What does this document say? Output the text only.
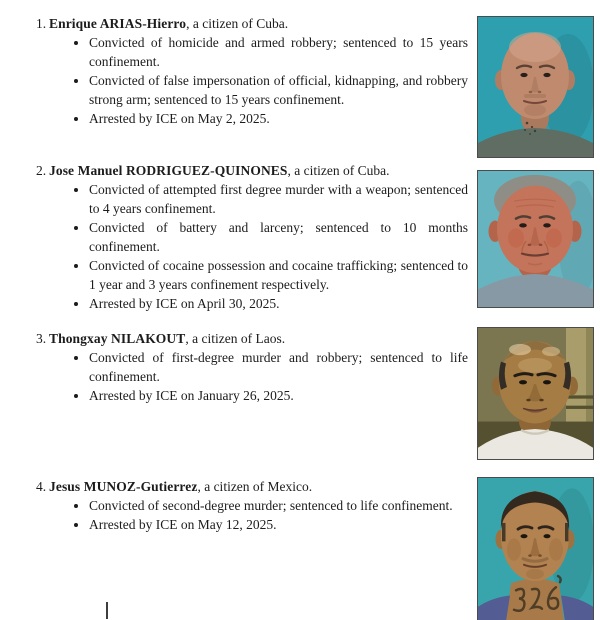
1. Enrique ARIAS-Hierro, a citizen of Cuba.

• Convicted of homicide and armed robbery; sentenced to 15 years confinement.
• Convicted of false impersonation of official, kidnapping, and robbery strong arm; sentenced to 15 years confinement.
• Arrested by ICE on May 2, 2025.
2. Jose Manuel RODRIGUEZ-QUINONES, a citizen of Cuba.

• Convicted of attempted first degree murder with a weapon; sentenced to 4 years confinement.
• Convicted of battery and larceny; sentenced to 10 months confinement.
• Convicted of cocaine possession and cocaine trafficking; sentenced to 1 year and 3 years confinement respectively.
• Arrested by ICE on April 30, 2025.
3. Thongxay NILAKOUT, a citizen of Laos.

• Convicted of first-degree murder and robbery; sentenced to life confinement.
• Arrested by ICE on January 26, 2025.
4. Jesus MUNOZ-Gutierrez, a citizen of Mexico.

• Convicted of second-degree murder; sentenced to life confinement.
• Arrested by ICE on May 12, 2025.
